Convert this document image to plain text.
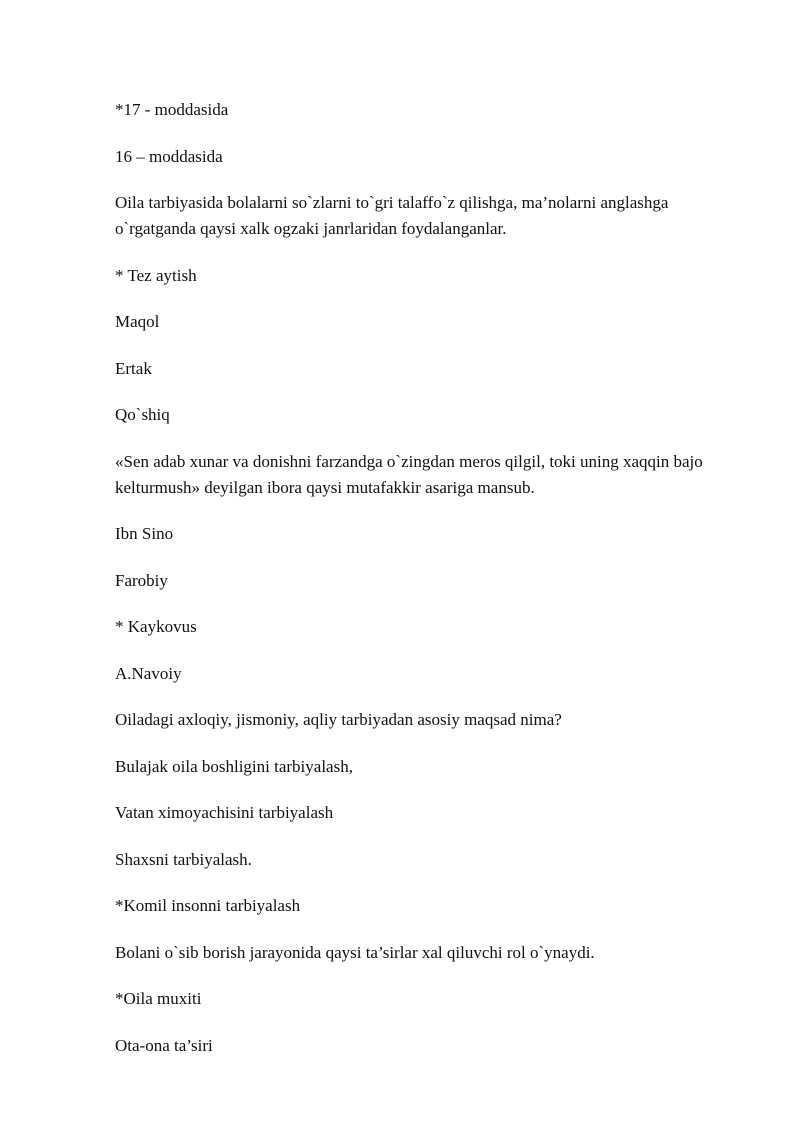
*17 - moddasida

16 – moddasida

Oila tarbiyasida bolalarni so`zlarni to`gri talaffo`z qilishga, ma’nolarni anglashga o`rgatganda qaysi xalk ogzaki janrlaridan foydalanganlar.

* Tez aytish

Maqol

Ertak

Qo`shiq

«Sen adab xunar va donishni farzandga o`zingdan meros qilgil, toki uning xaqqin bajo kelturmush» deyilgan ibora qaysi mutafakkir asariga mansub.

Ibn Sino

Farobiy

* Kaykovus

A.Navoiy

Oiladagi axloqiy, jismoniy, aqliy tarbiyadan asosiy maqsad nima?

Bulajak oila boshligini tarbiyalash,

Vatan ximoyachisini tarbiyalash

Shaxsni tarbiyalash.

*Komil insonni tarbiyalash

Bolani o`sib borish jarayonida qaysi ta’sirlar xal qiluvchi rol o`ynaydi.

*Oila muxiti

Ota-ona ta’siri
